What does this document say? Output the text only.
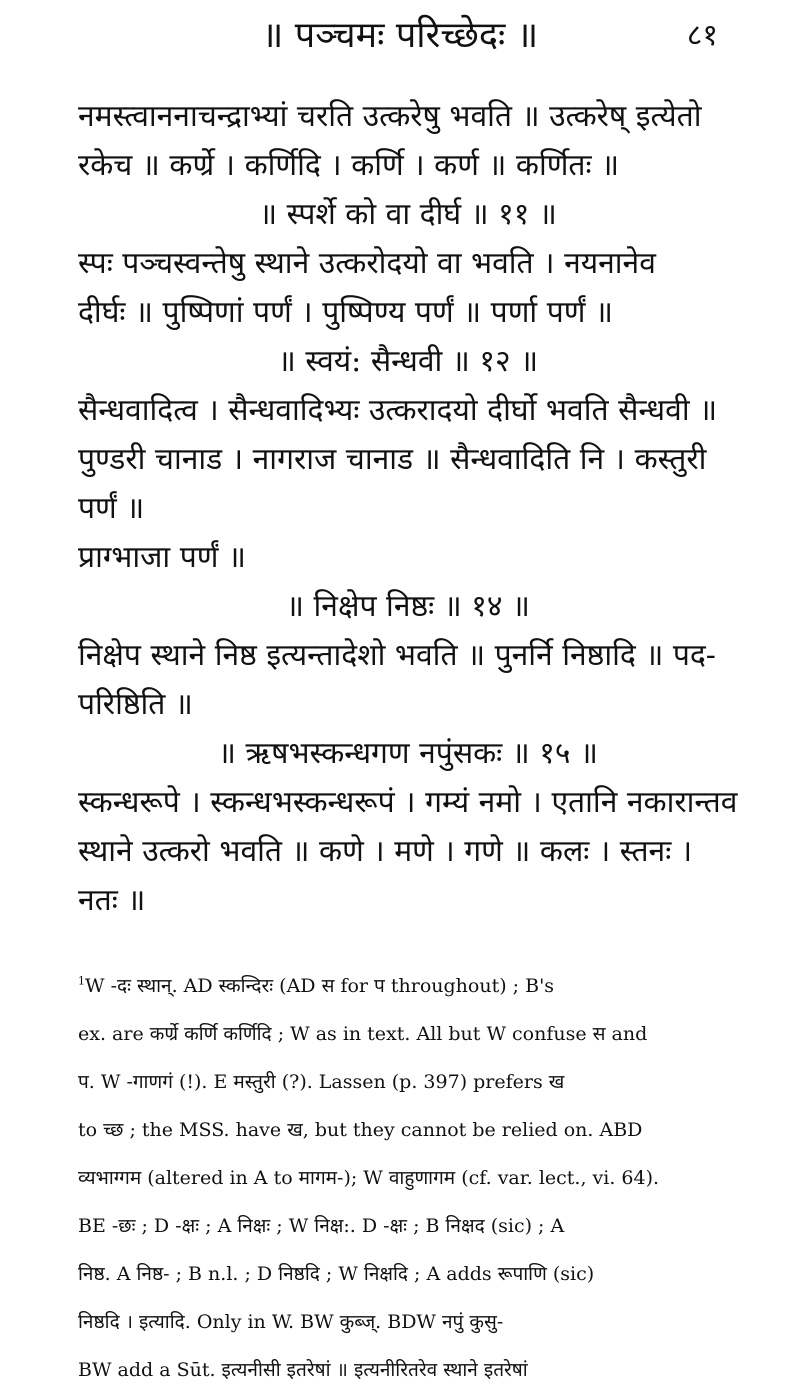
॥ पञ्चमः परिच्छेदः ॥	८१

नमस्त्वाननाचन्द्राभ्यां चरति उत्करेषु भवति ॥ उत्करेष् इत्येतो

रकेच ॥ कर्ण्रे । कर्णिदि । कर्णि । कर्ण ॥ कर्णितः ॥

॥ स्पर्शे को वा दीर्घ ॥ ११ ॥

स्पः पञ्चस्वन्तेषु स्थाने उत्करोदयो वा भवति । नयनानेव

दीर्घः ॥ पुष्पिणां पर्णं । पुष्पिण्य पर्णं ॥ पर्णा पर्णं ॥

॥ स्वयं: सैन्धवी ॥ १२ ॥

सैन्धवादित्व । सैन्धवादिभ्यः उत्करादयो दीर्घो भवति सैन्धवी ॥

पुण्डरी चानाड । नागराज चानाड ॥ सैन्धवादिति नि । कस्तुरी पर्णं ॥

प्राग्भाजा पर्णं ॥

॥ निक्षेप निष्ठः ॥ १४ ॥

निक्षेप स्थाने निष्ठ इत्यन्तादेशो भवति ॥ पुनर्नि निष्ठादि ॥ पद-

परिष्ठिति ॥

॥ ऋषभस्कन्धगण नपुंसकः ॥ १५ ॥

स्कन्धरूपे । स्कन्धभस्कन्धरूपं । गम्यं नमो । एतानि नकारान्तव

स्थाने उत्करो भवति ॥ कणे । मणे । गणे ॥ कलः । स्तनः । नतः ॥

$^1$W -दः स्थान्‌. AD स्कन्दिरः (AD स for प throughout) ; B's

ex. are कर्ण्रे कर्णि कर्णिदि ; W as in text. All but W confuse स and

प. W -गाणगं (!). E मस्तुरी (?). Lassen (p. 397) prefers ख

to च्छ ; the MSS. have ख, but they cannot be relied on. ABD

व्यभाग्गम (altered in A to मागम-); W वाहुणागम (cf. var. lect., vi. 64).

BE -छः ; D -क्षः ; A निक्षः ; W निक्ष:. D -क्षः ; B निक्षद (sic) ; A

निष्ठ. A निष्ठ- ; B n.l. ; D निष्ठदि ; W निक्षदि ; A adds रूपाणि (sic)

निष्ठदि । इत्यादि. Only in W. BW कुब्ज्. BDW नपुं कुसु-

BW add a Sūt. इत्यनीसी इतरेषां ॥ इत्यनीरितरेव स्थाने इतरेषां
